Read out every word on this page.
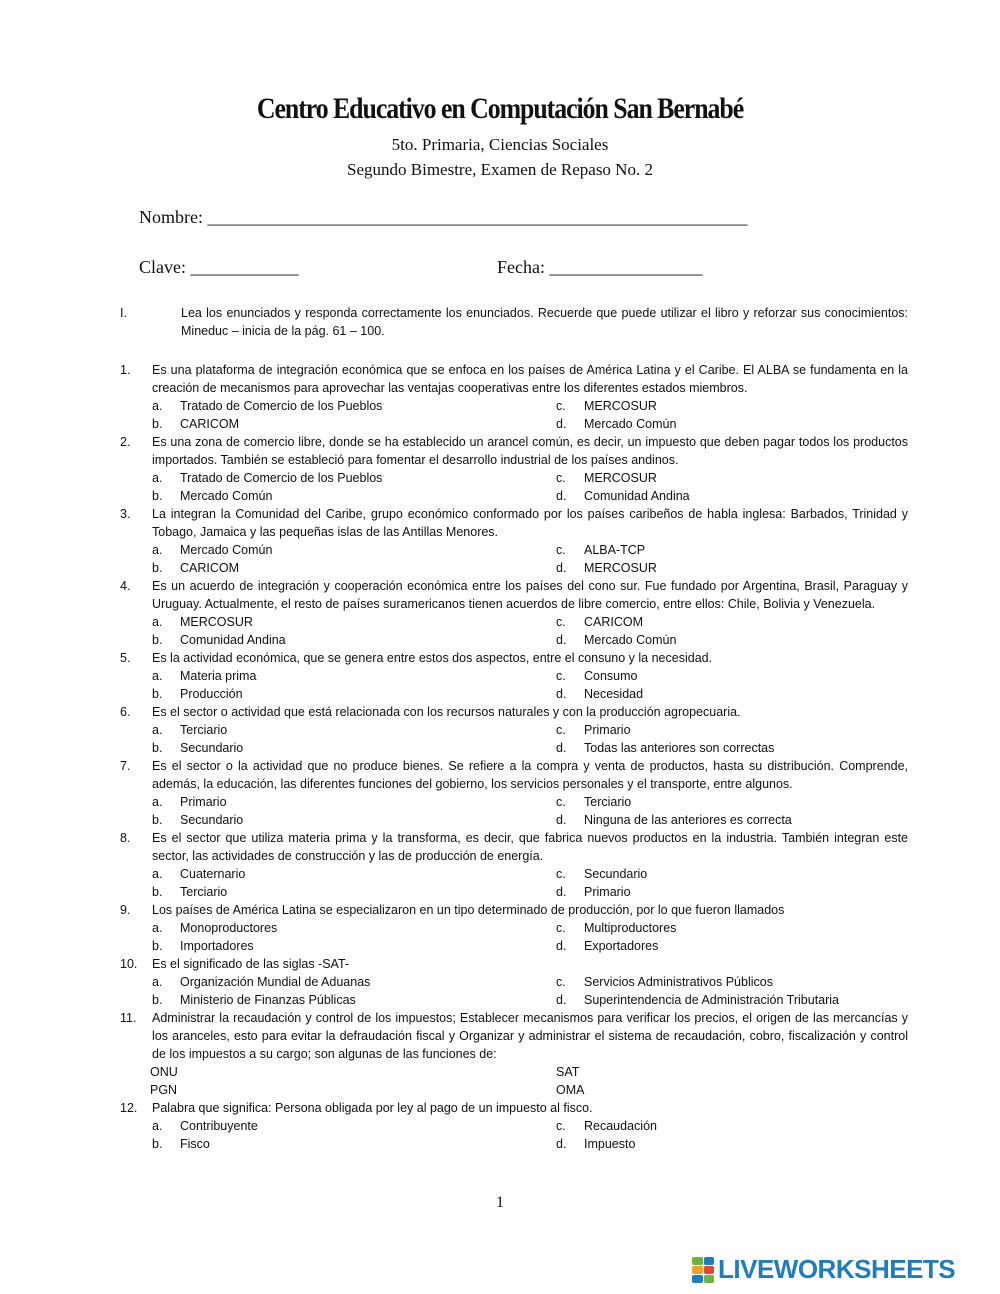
Centro Educativo en Computación San Bernabé
5to. Primaria, Ciencias Sociales
Segundo Bimestre, Examen de Repaso No. 2
Nombre: ____________________________________________________________
Clave: ____________	Fecha: _________________
I.	Lea los enunciados y responda correctamente los enunciados. Recuerde que puede utilizar el libro y reforzar sus conocimientos: Mineduc – inicia de la pág. 61 – 100.
1.	Es una plataforma de integración económica que se enfoca en los países de América Latina y el Caribe. El ALBA se fundamenta en la creación de mecanismos para aprovechar las ventajas cooperativas entre los diferentes estados miembros.
a.	Tratado de Comercio de los Pueblos	c.	MERCOSUR
b.	CARICOM	d.	Mercado Común
2.	Es una zona de comercio libre, donde se ha establecido un arancel común, es decir, un impuesto que deben pagar todos los productos importados. También se estableció para fomentar el desarrollo industrial de los países andinos.
a.	Tratado de Comercio de los Pueblos	c.	MERCOSUR
b.	Mercado Común	d.	Comunidad Andina
3.	La integran la Comunidad del Caribe, grupo económico conformado por los países caribeños de habla inglesa: Barbados, Trinidad y Tobago, Jamaica y las pequeñas islas de las Antillas Menores.
a.	Mercado Común	c.	ALBA-TCP
b.	CARICOM	d.	MERCOSUR
4.	Es un acuerdo de integración y cooperación económica entre los países del cono sur. Fue fundado por Argentina, Brasil, Paraguay y Uruguay. Actualmente, el resto de países suramericanos tienen acuerdos de libre comercio, entre ellos: Chile, Bolivia y Venezuela.
a.	MERCOSUR	c.	CARICOM
b.	Comunidad Andina	d.	Mercado Común
5.	Es la actividad económica, que se genera entre estos dos aspectos, entre el consuno y la necesidad.
a.	Materia prima	c.	Consumo
b.	Producción	d.	Necesidad
6.	Es el sector o actividad que está relacionada con los recursos naturales y con la producción agropecuaria.
a.	Terciario	c.	Primario
b.	Secundario	d.	Todas las anteriores son correctas
7.	Es el sector o la actividad que no produce bienes. Se refiere a la compra y venta de productos, hasta su distribución. Comprende, además, la educación, las diferentes funciones del gobierno, los servicios personales y el transporte, entre algunos.
a.	Primario	c.	Terciario
b.	Secundario	d.	Ninguna de las anteriores es correcta
8.	Es el sector que utiliza materia prima y la transforma, es decir, que fabrica nuevos productos en la industria. También integran este sector, las actividades de construcción y las de producción de energía.
a.	Cuaternario	c.	Secundario
b.	Terciario	d.	Primario
9.	Los países de América Latina se especializaron en un tipo determinado de producción, por lo que fueron llamados
a.	Monoproductores	c.	Multiproductores
b.	Importadores	d.	Exportadores
10.	Es el significado de las siglas -SAT-
a.	Organización Mundial de Aduanas	c.	Servicios Administrativos Públicos
b.	Ministerio de Finanzas Públicas	d.	Superintendencia de Administración Tributaria
11.	Administrar la recaudación y control de los impuestos; Establecer mecanismos para verificar los precios, el origen de las mercancías y los aranceles, esto para evitar la defraudación fiscal y Organizar y administrar el sistema de recaudación, cobro, fiscalización y control de los impuestos a su cargo; son algunas de las funciones de:
ONU	SAT
PGN	OMA
12.	Palabra que significa: Persona obligada por ley al pago de un impuesto al fisco.
a.	Contribuyente	c.	Recaudación
b.	Fisco	d.	Impuesto
1
LIVEWORKSHEETS
